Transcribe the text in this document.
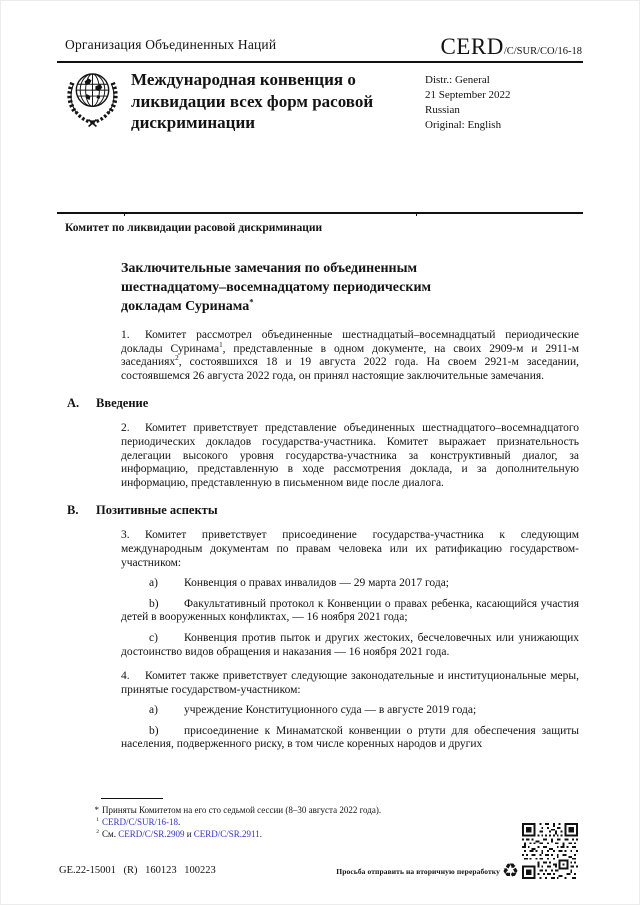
Организация Объединенных Наций	CERD/C/SUR/CO/16-18
Международная конвенция о ликвидации всех форм расовой дискриминации
Distr.: General
21 September 2022
Russian
Original: English
Комитет по ликвидации расовой дискриминации
Заключительные замечания по объединенным шестнадцатому–восемнадцатому периодическим докладам Суринама*

1. Комитет рассмотрел объединенные шестнадцатый–восемнадцатый периодические доклады Суринама$^1$, представленные в одном документе, на своих 2909-м и 2911-м заседаниях$^2$, состоявшихся 18 и 19 августа 2022 года. На своем 2921-м заседании, состоявшемся 26 августа 2022 года, он принял настоящие заключительные замечания.

A. Введение

2. Комитет приветствует представление объединенных шестнадцатого–восемнадцатого периодических докладов государства-участника. Комитет выражает признательность делегации высокого уровня государства-участника за конструктивный диалог, за информацию, представленную в ходе рассмотрения доклада, и за дополнительную информацию, представленную в письменном виде после диалога.

B. Позитивные аспекты

3. Комитет приветствует присоединение государства-участника к следующим международным документам по правам человека или их ратификацию государством-участником:

a) Конвенция о правах инвалидов — 29 марта 2017 года;

b) Факультативный протокол к Конвенции о правах ребенка, касающийся участия детей в вооруженных конфликтах, — 16 ноября 2021 года;

c) Конвенция против пыток и других жестоких, бесчеловечных или унижающих достоинство видов обращения и наказания — 16 ноября 2021 года.

4. Комитет также приветствует следующие законодательные и институциональные меры, принятые государством-участником:

a) учреждение Конституционного суда — в августе 2019 года;

b) присоединение к Минаматской конвенции о ртути для обеспечения защиты населения, подверженного риску, в том числе коренных народов и других

* Приняты Комитетом на его сто седьмой сессии (8–30 августа 2022 года).

$^1$ CERD/C/SUR/16-18.

$^2$ См. CERD/C/SR.2909 и CERD/C/SR.2911.

GE.22-15001 (R) 160123 100223	Просьба отправить на вторичную переработку ♻
